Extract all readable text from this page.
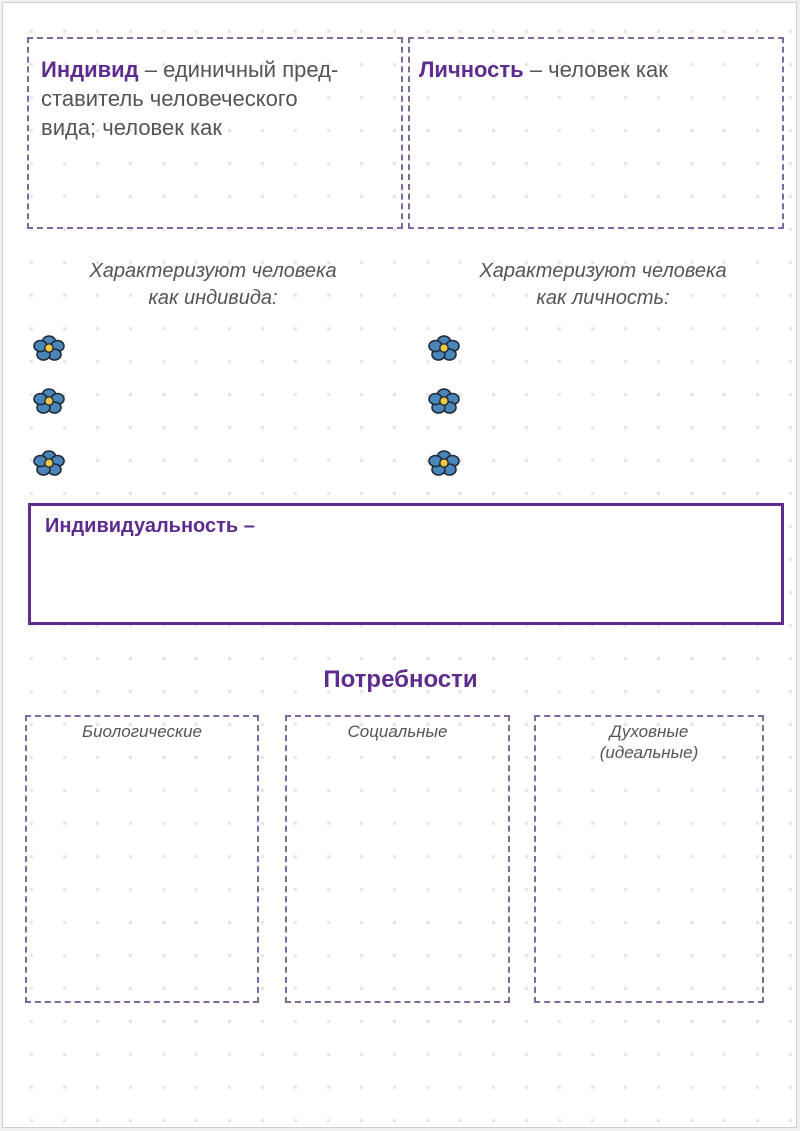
Индивид – единичный пред-
ставитель человеческого
вида; человек как
Личность – человек как
Характеризуют человека
как индивида:
Характеризуют человека
как личность:
Индивидуальность –
Потребности
Биологические	Социальные	Духовные
(идеальные)
